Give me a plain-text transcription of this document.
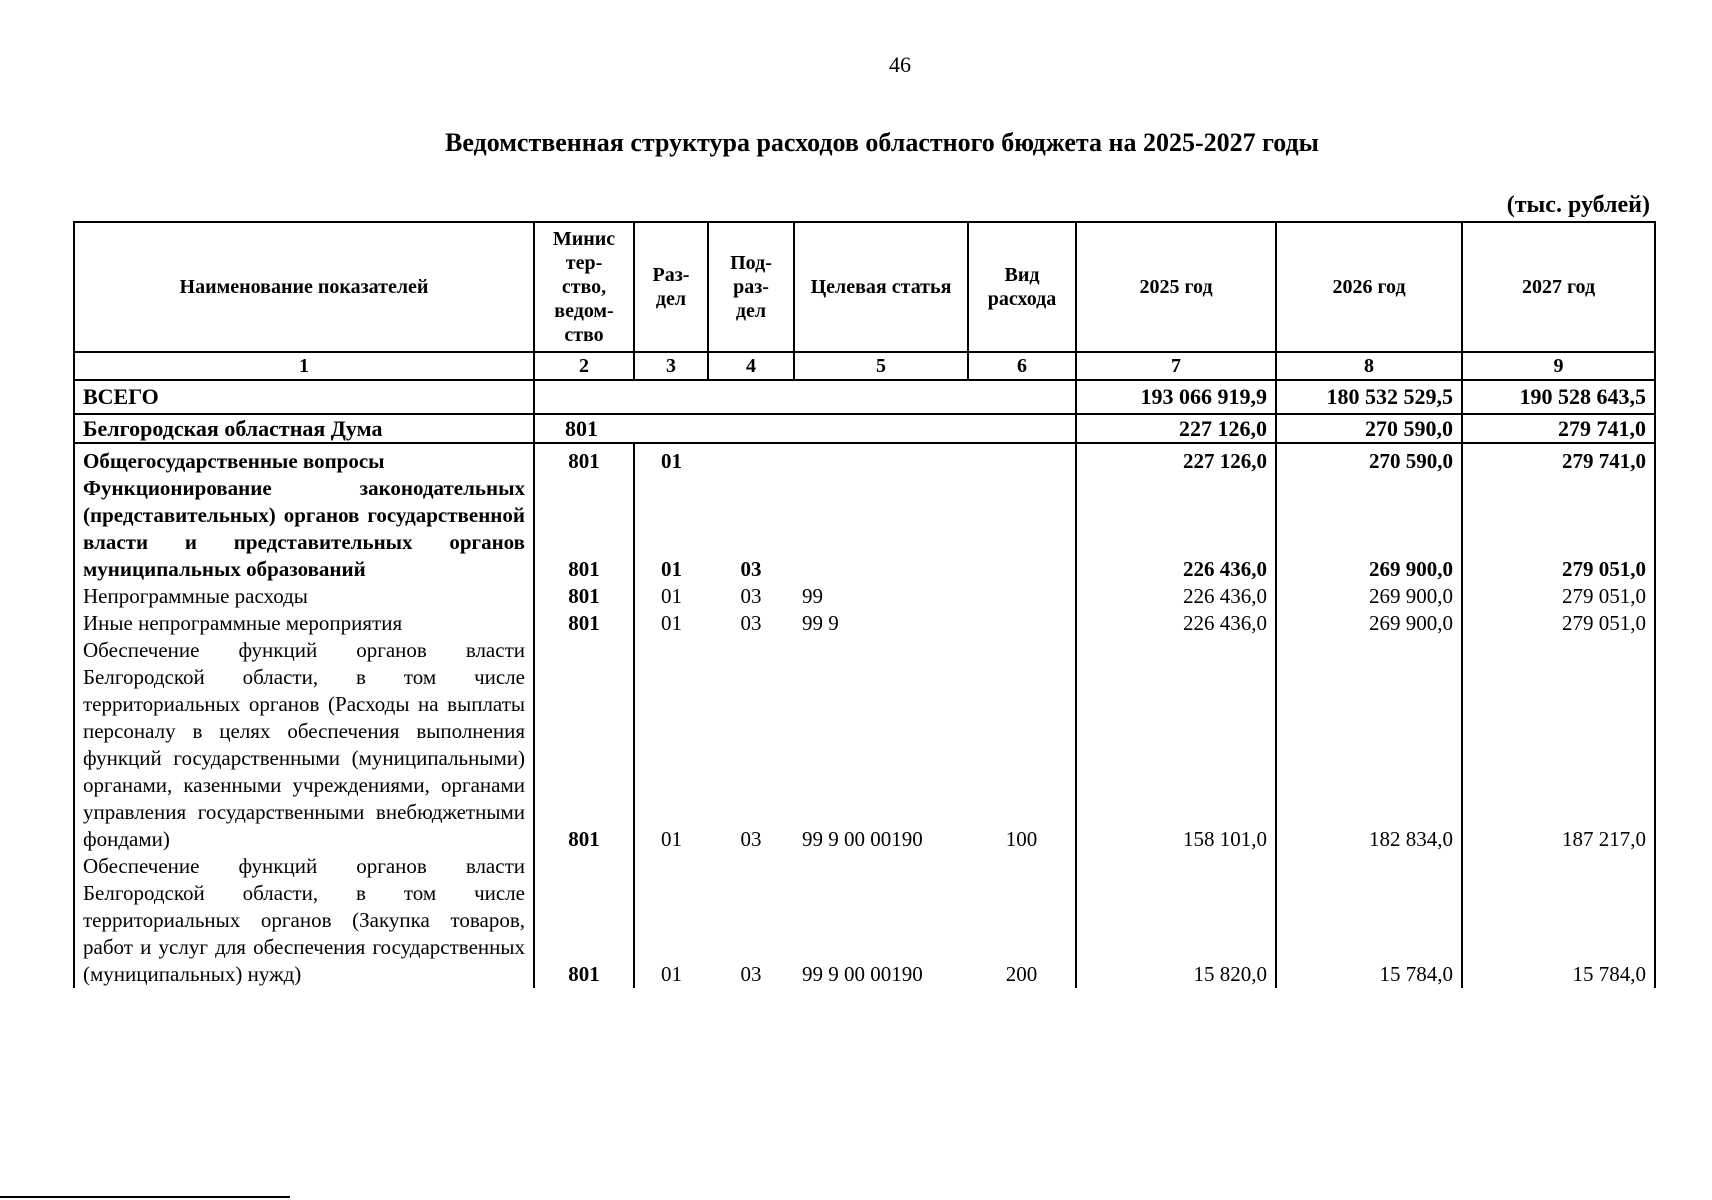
46
Ведомственная структура расходов областного бюджета на 2025-2027 годы
(тыс. рублей)
Наименование показателей	Минис тер- ство, ведом- ство	Раз- дел	Под- раз- дел	Целевая статья	Вид расхода	2025 год	2026 год	2027 год
1	2	3	4	5	6	7	8	9
ВСЕГО						193 066 919,9	180 532 529,5	190 528 643,5
Белгородская областная Дума	801					227 126,0	270 590,0	279 741,0
Общегосударственные вопросы	801	01				227 126,0	270 590,0	279 741,0
Функционирование законодательных (представительных) органов государственной власти и представительных органов муниципальных образований	801	01	03			226 436,0	269 900,0	279 051,0
Непрограммные расходы	801	01	03	99		226 436,0	269 900,0	279 051,0
Иные непрограммные мероприятия	801	01	03	99 9		226 436,0	269 900,0	279 051,0
Обеспечение функций органов власти Белгородской области, в том числе территориальных органов (Расходы на выплаты персоналу в целях обеспечения выполнения функций государственными (муниципальными) органами, казенными учреждениями, органами управления государственными внебюджетными фондами)	801	01	03	99 9 00 00190	100	158 101,0	182 834,0	187 217,0
Обеспечение функций органов власти Белгородской области, в том числе территориальных органов (Закупка товаров, работ и услуг для обеспечения государственных (муниципальных) нужд)	801	01	03	99 9 00 00190	200	15 820,0	15 784,0	15 784,0
